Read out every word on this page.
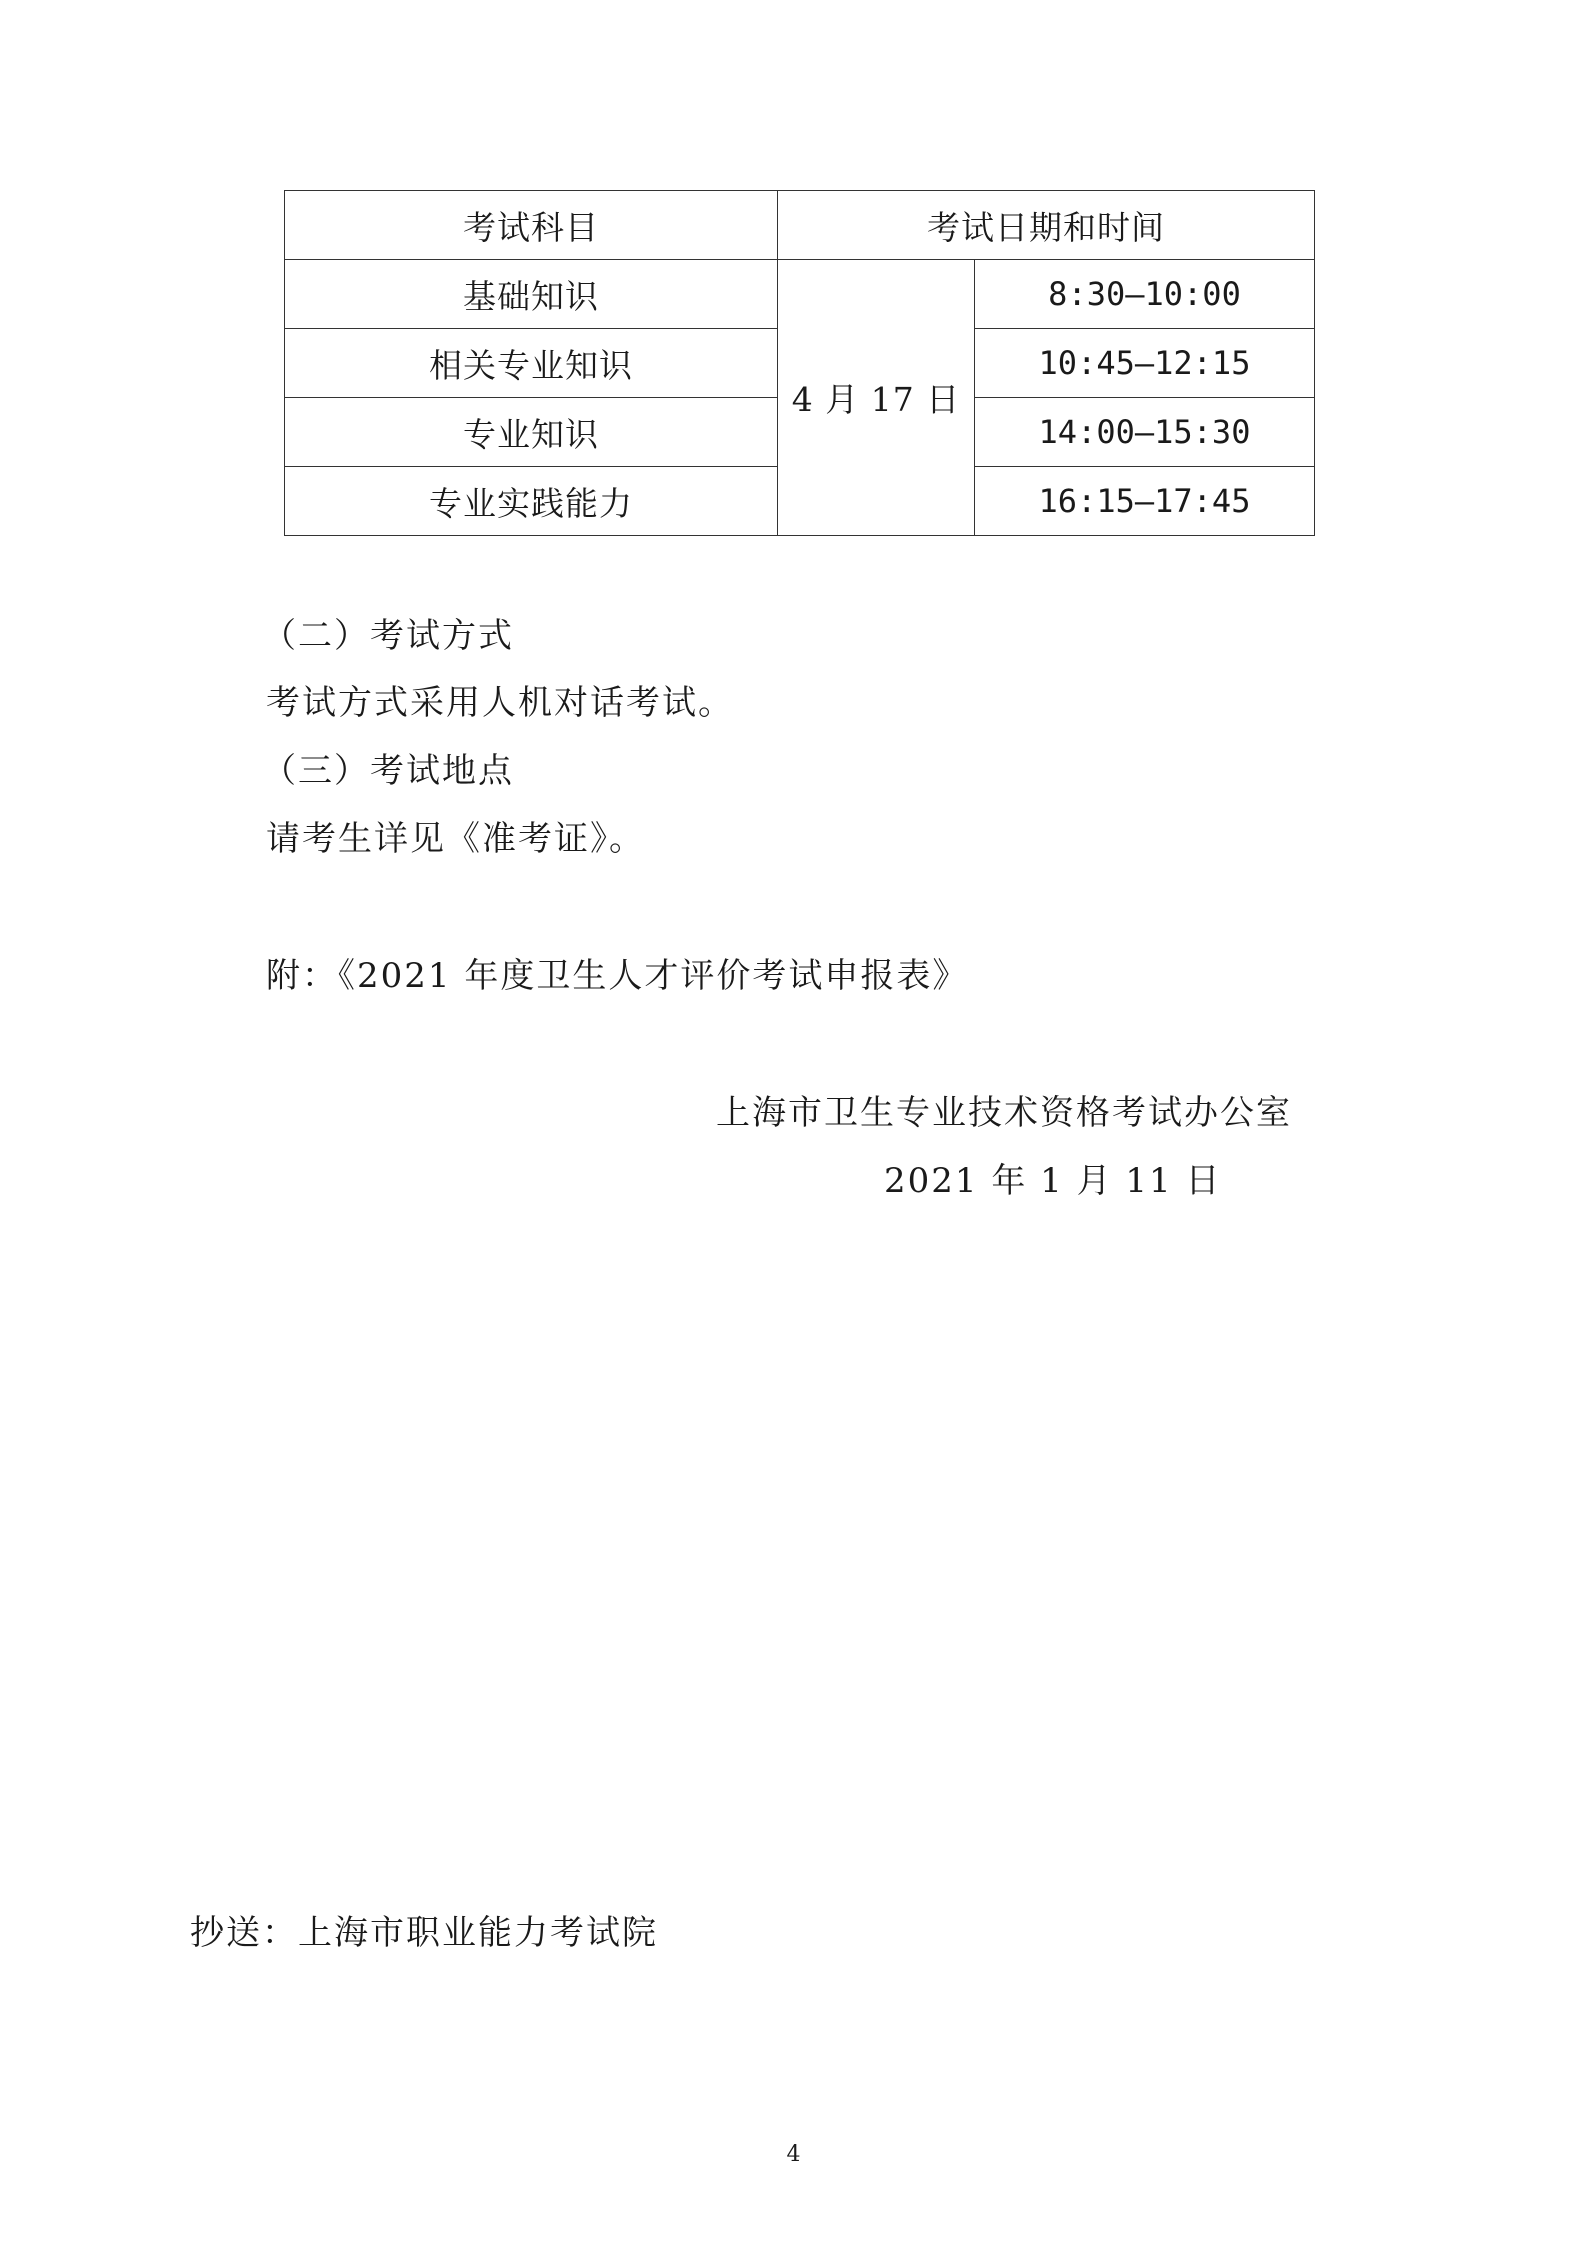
考试科目	考试日期和时间	
基础知识	4 月 17 日	8:30—10:00
相关专业知识		10:45—12:15
专业知识		14:00—15:30
专业实践能力		16:15—17:45
（二）考试方式
考试方式采用人机对话考试。
（三）考试地点
请考生详见《准考证》。
附：《2021 年度卫生人才评价考试申报表》
上海市卫生专业技术资格考试办公室
2021 年 1 月 11 日
抄送：上海市职业能力考试院
4
